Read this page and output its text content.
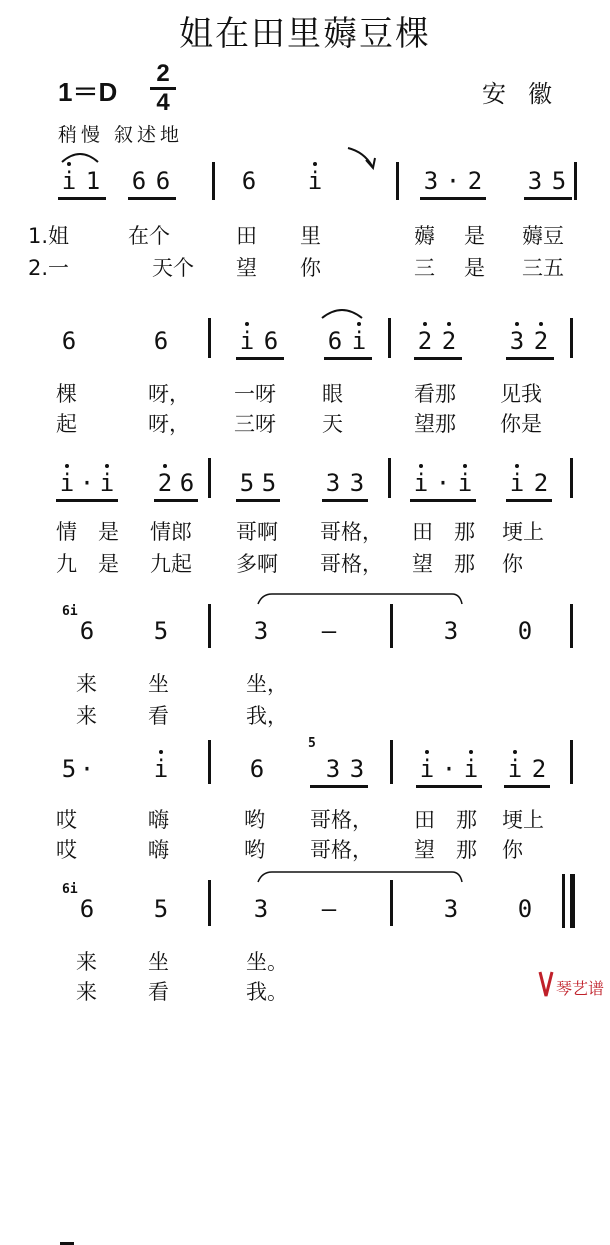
姐在田里薅豆棵
1＝D
2
4	安徽
稍慢 叙述地
i 1 6 6	6 i	3 · 2 3 5
1.姐	在个	田 里	薅 是 薅豆
2.一	天个 望 你	三 是 三五
6	6	i 6 6 i 2 2 3 2
棵	呀， 一呀 眼	看那 见我
起	呀， 三呀 天	望那 你是
i · i 2 6 5 5 3 3 i · i i 2
情 是 情郎 哥啊 哥格， 田 那 埂上
九 是 九起 多啊 哥格， 望 那 你
6i
6 5	3 —	3 0
来 坐	坐，
来 看	我，
5
5 · i	6	3 3 i · i i 2
哎	嗨	哟 哥格， 田 那 埂上
哎	嗨	哟 哥格， 望 那 你
6i
6 5	3 —	3 0
来 坐	坐。
来 看	我。	琴艺谱
